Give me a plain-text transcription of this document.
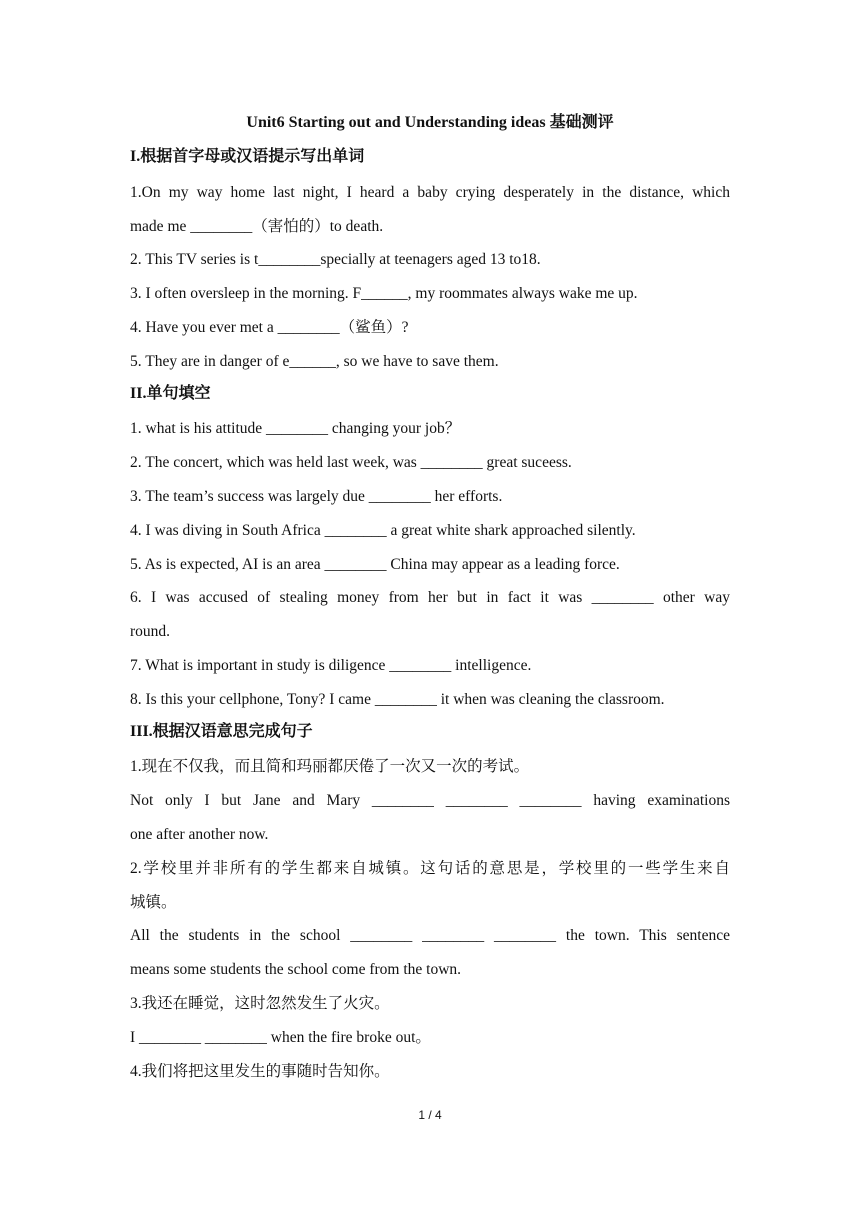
Unit6 Starting out and Understanding ideas 基础测评
I.根据首字母或汉语提示写出单词

1.On my way home last night, I heard a baby crying desperately in the distance, which

made me ________（害怕的）to death.

2. This TV series is t________specially at teenagers aged 13 to18.

3. I often oversleep in the morning. F______, my roommates always wake me up.

4. Have you ever met a ________（鲨鱼）?

5. They are in danger of e______, so we have to save them.

II.单句填空

1. what is his attitude ________ changing your job？

2. The concert, which was held last week, was ________ great suceess.

3. The team’s success was largely due ________ her efforts.

4. I was diving in South Africa ________ a great white shark approached silently.

5. As is expected, AI is an area ________ China may appear as a leading force.

6. I was accused of stealing money from her but in fact it was ________ other way

round.

7. What is important in study is diligence ________ intelligence.

8. Is this your cellphone, Tony? I came ________ it when was cleaning the classroom.

III.根据汉语意思完成句子

1.现在不仅我，而且简和玛丽都厌倦了一次又一次的考试。

Not only I but Jane and Mary ________ ________ ________ having examinations

one after another now.

2.学校里并非所有的学生都来自城镇。这句话的意思是，学校里的一些学生来自

城镇。

All the students in the school ________ ________ ________ the town. This sentence

means some students the school come from the town.

3.我还在睡觉，这时忽然发生了火灾。

I ________ ________ when the fire broke out。

4.我们将把这里发生的事随时告知你。

1 / 4
